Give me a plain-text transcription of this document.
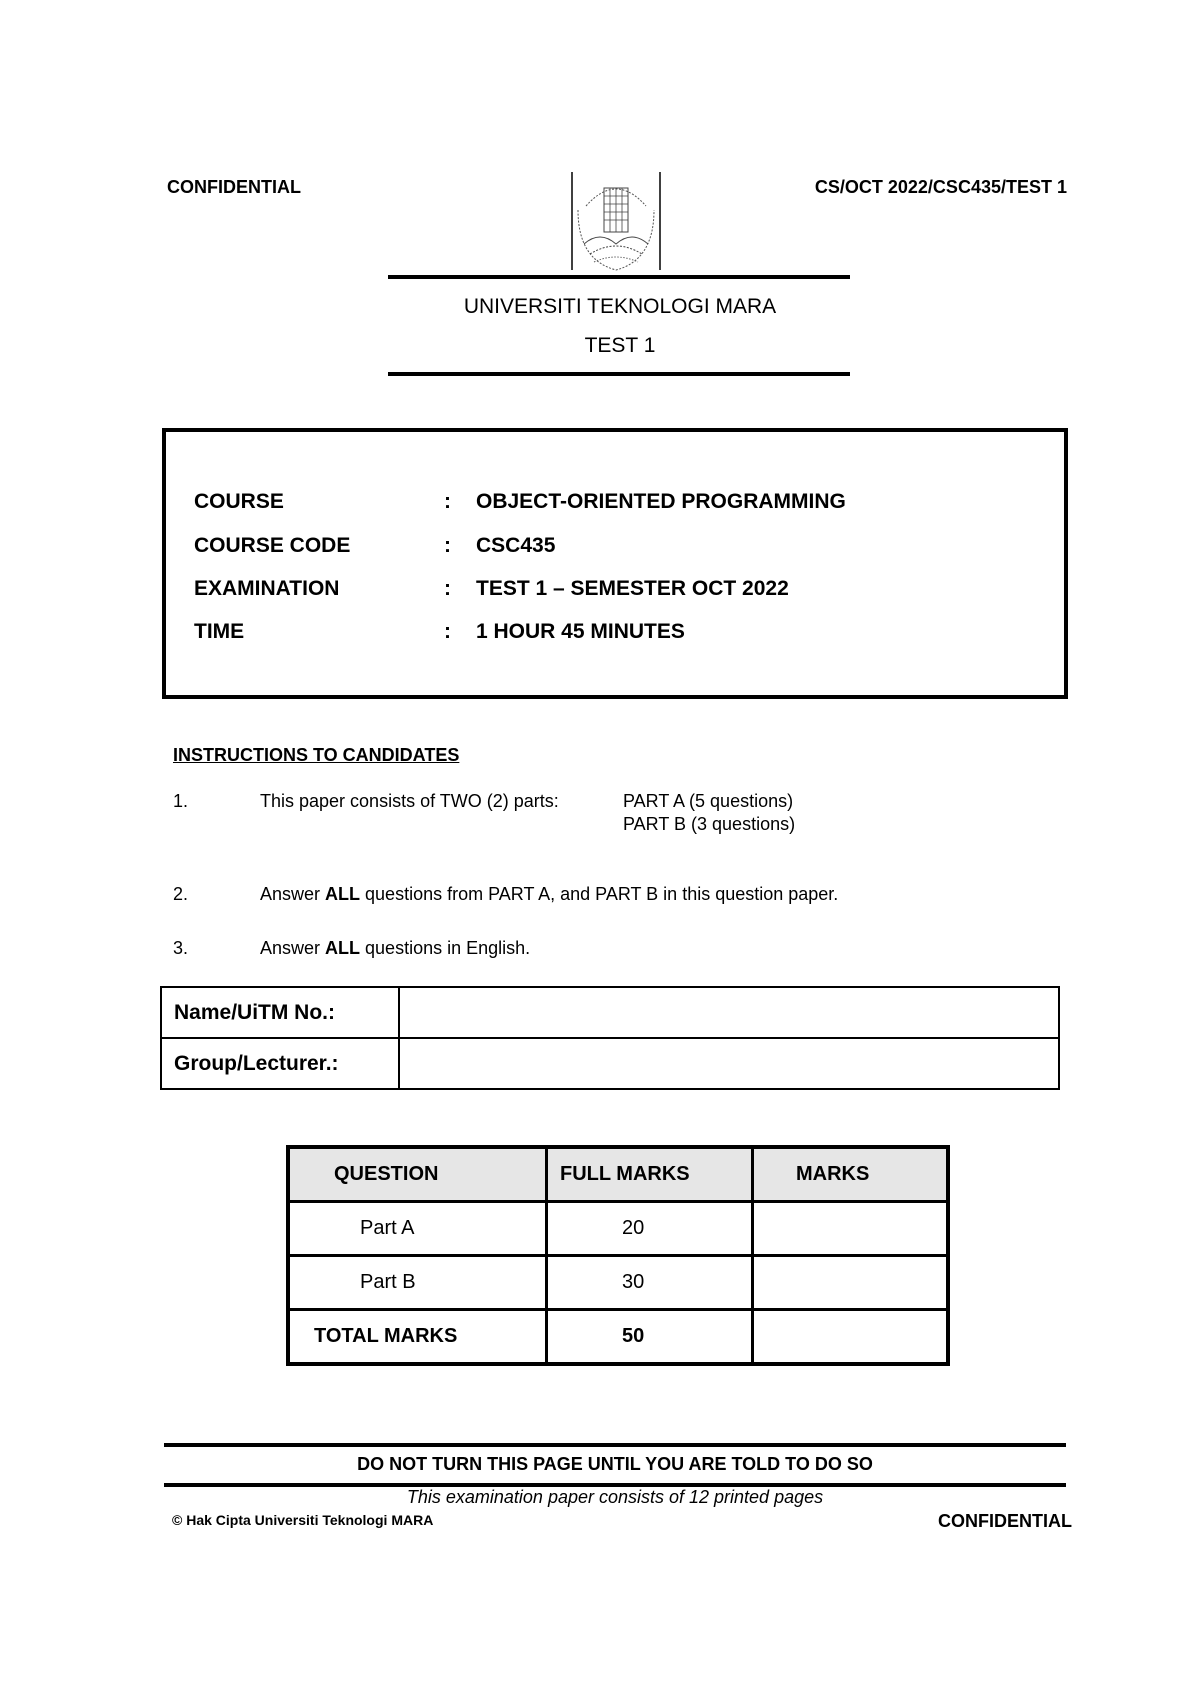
CONFIDENTIAL	CS/OCT 2022/CSC435/TEST 1
UNIVERSITI TEKNOLOGI MARA
TEST 1
COURSE	: OBJECT-ORIENTED PROGRAMMING
COURSE CODE	: CSC435
EXAMINATION	: TEST 1 – SEMESTER OCT 2022
TIME	: 1 HOUR 45 MINUTES
INSTRUCTIONS TO CANDIDATES
1.	This paper consists of TWO (2) parts:	PART A (5 questions)
PART B (3 questions)
2.	Answer ALL questions from PART A, and PART B in this question paper.
3.	Answer ALL questions in English.
Name/UiTM No.:	
Group/Lecturer.:	
QUESTION	FULL MARKS	MARKS
Part A	20	
Part B	30	
TOTAL MARKS	50	
DO NOT TURN THIS PAGE UNTIL YOU ARE TOLD TO DO SO
This examination paper consists of 12 printed pages
© Hak Cipta Universiti Teknologi MARA	CONFIDENTIAL
